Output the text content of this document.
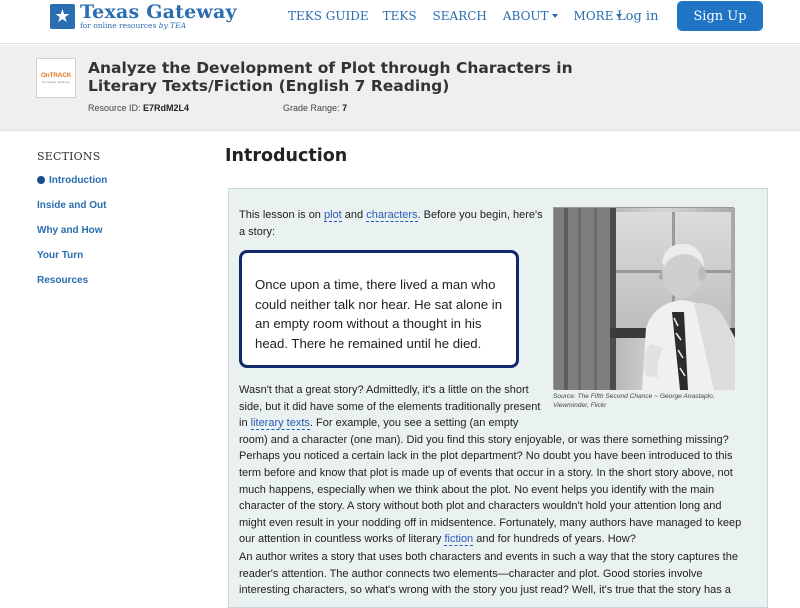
★ Texas Gateway
for online resources by TEA
TEKS GUIDE TEKS SEARCH ABOUT	MORE Log in	Sign Up
OnTRACK
for college readiness
Analyze the Development of Plot through Characters in Literary Texts/Fiction (English 7 Reading)
Resource ID: E7RdM2L4	Grade Range: 7
SECTIONS
Introduction
Inside and Out
Why and How
Your Turn
Resources
Introduction
This lesson is on plot and characters. Before you begin, here's a story:
Once upon a time, there lived a man who could neither talk nor hear. He sat alone in an empty room without a thought in his head. There he remained until he died.
Source: The Fifth Second Chance ~ George Anastaplo, Viewminder, Flickr
Wasn't that a great story? Admittedly, it's a little on the short side, but it did have some of the elements traditionally present in literary texts. For example, you see a setting (an empty room) and a character (one man). Did you find this story enjoyable, or was there something missing? Perhaps you noticed a certain lack in the plot department? No doubt you have been introduced to this term before and know that plot is made up of events that occur in a story. In the short story above, not much happens, especially when we think about the plot. No event helps you identify with the main character of the story. A story without both plot and characters wouldn't hold your attention long and might even result in your nodding off in midsentence. Fortunately, many authors have managed to keep our attention in countless works of literary fiction and for hundreds of years. How?
An author writes a story that uses both characters and events in such a way that the story captures the reader's attention. The author connects two elements—character and plot. Good stories involve interesting characters, so what's wrong with the story you just read? Well, it's true that the story has a
